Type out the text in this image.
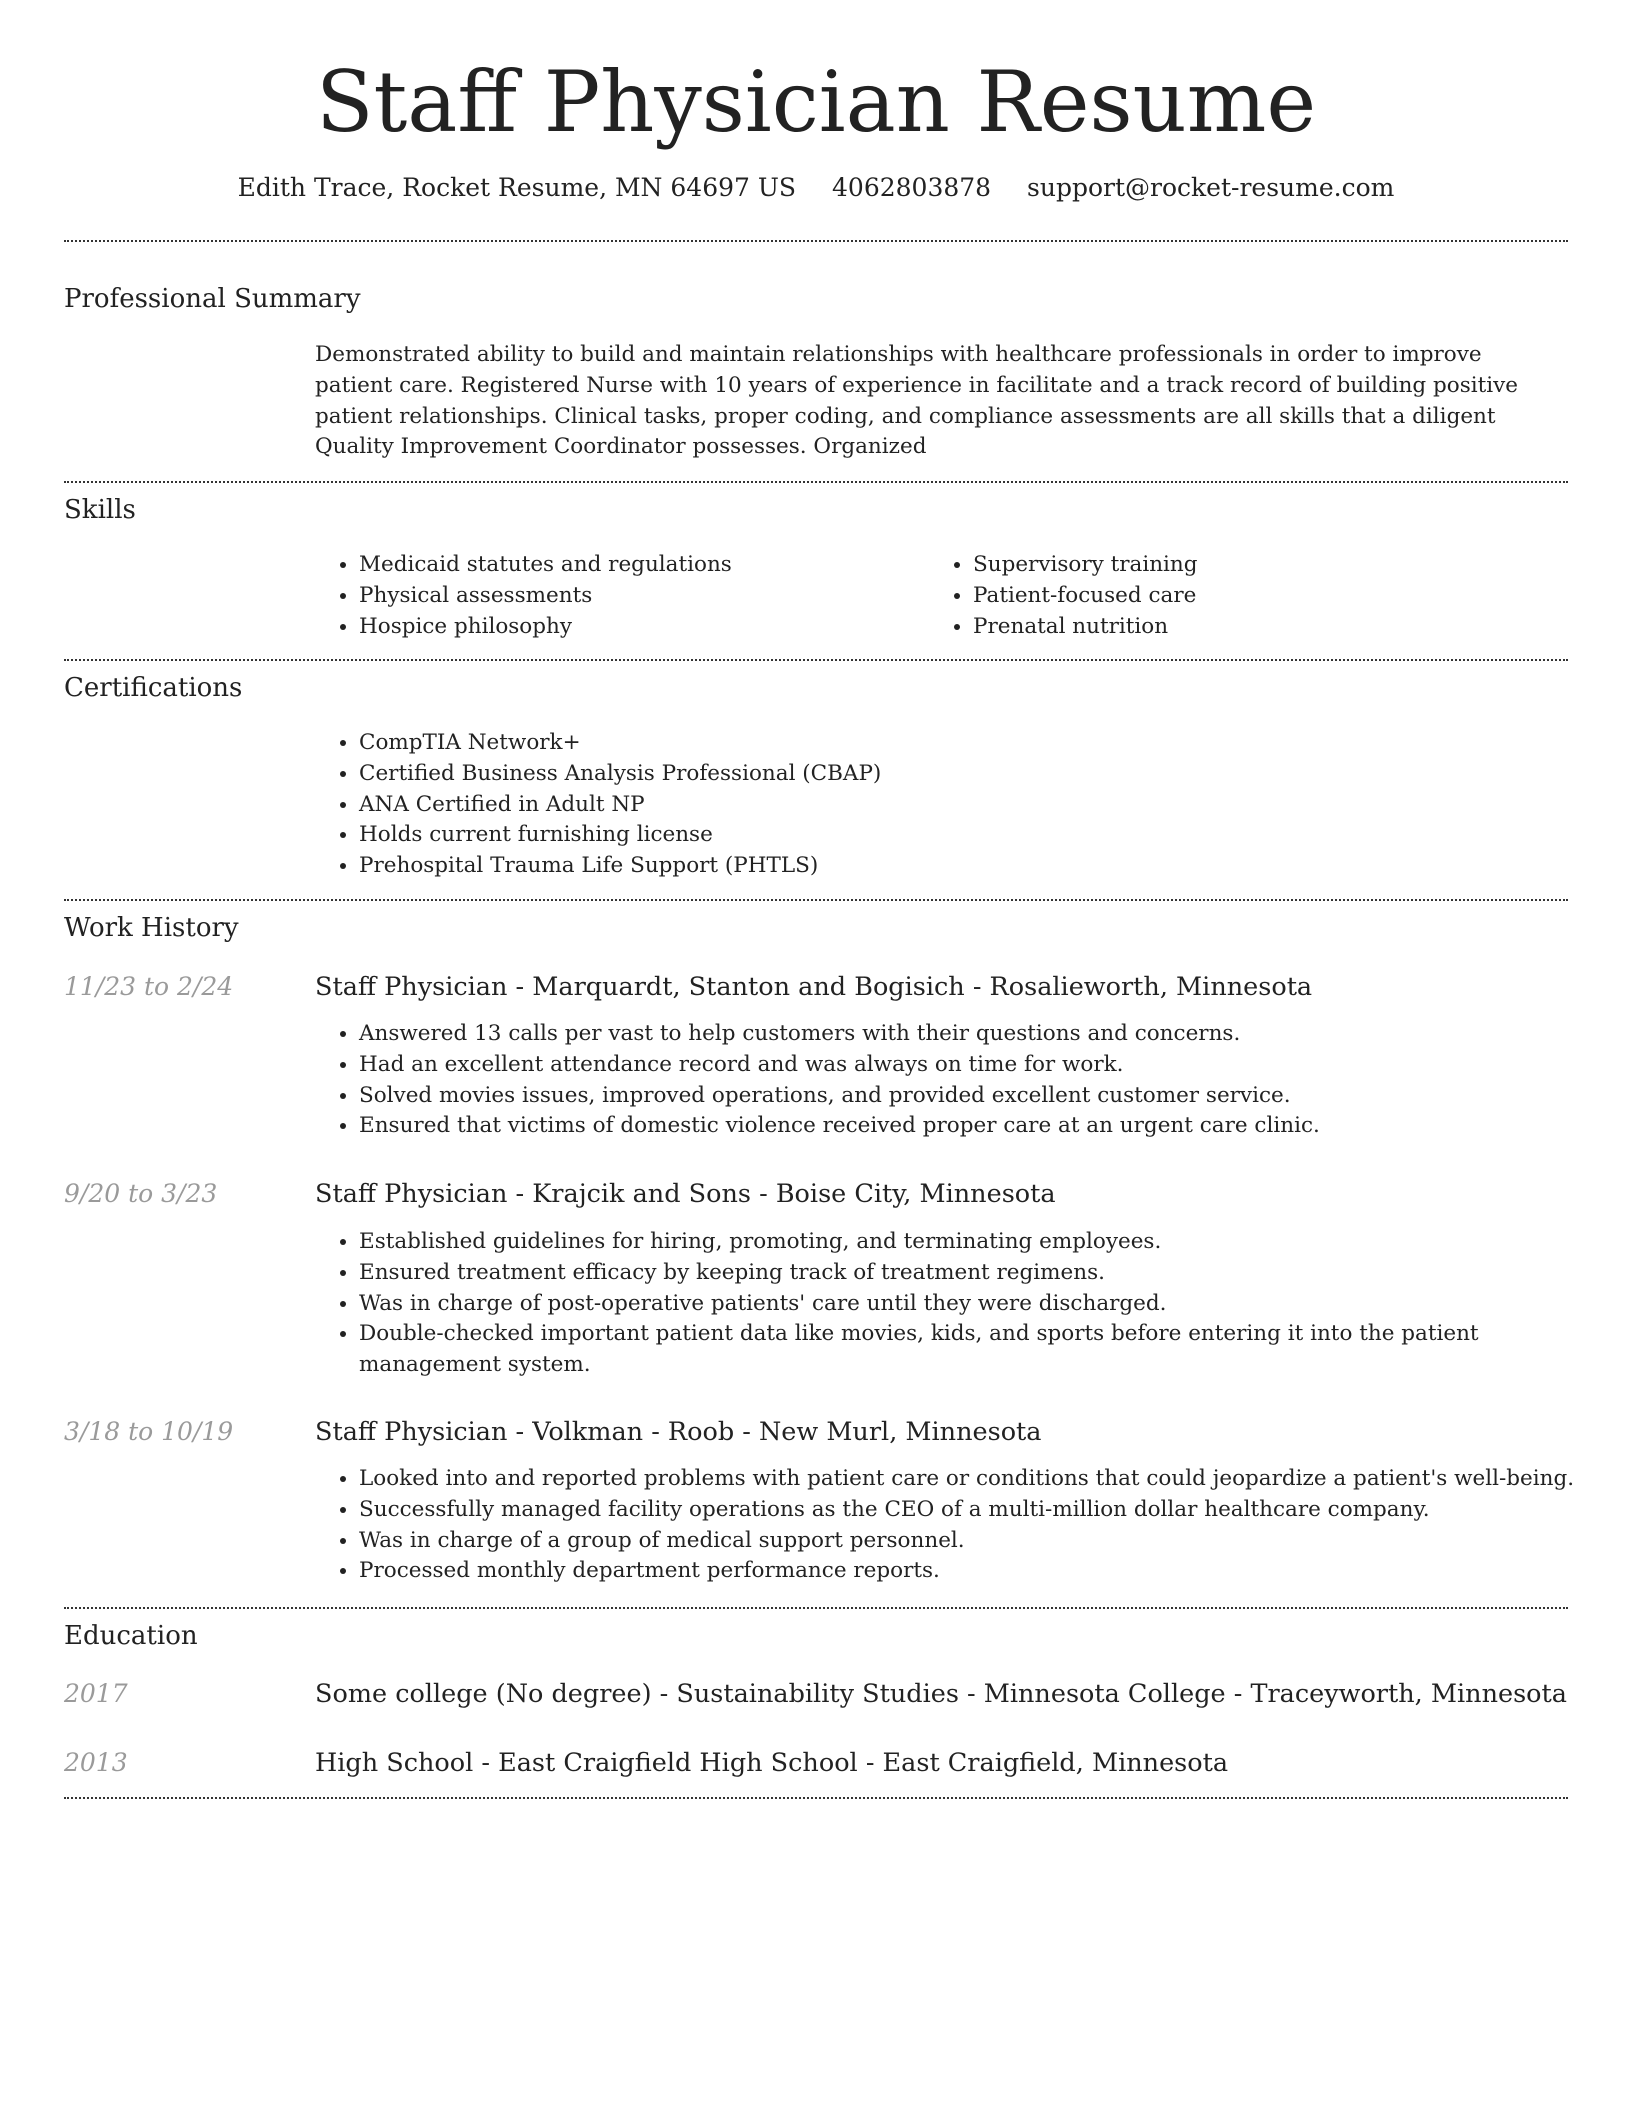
Staff Physician Resume
Edith Trace, Rocket Resume, MN 64697 US 4062803878 support@rocket-resume.com
Professional Summary

Demonstrated ability to build and maintain relationships with healthcare professionals in order to improve patient care. Registered Nurse with 10 years of experience in facilitate and a track record of building positive patient relationships. Clinical tasks, proper coding, and compliance assessments are all skills that a diligent Quality Improvement Coordinator possesses. Organized

Skills
• Medicaid statutes and regulations
• Physical assessments
• Hospice philosophy
• Supervisory training
• Patient-focused care
• Prenatal nutrition
Certifications
• CompTIA Network+
• Certified Business Analysis Professional (CBAP)
• ANA Certified in Adult NP
• Holds current furnishing license
• Prehospital Trauma Life Support (PHTLS)
Work History
11/23 to 2/24	Staff Physician - Marquardt, Stanton and Bogisich - Rosalieworth, Minnesota
• Answered 13 calls per vast to help customers with their questions and concerns.
• Had an excellent attendance record and was always on time for work.
• Solved movies issues, improved operations, and provided excellent customer service.
• Ensured that victims of domestic violence received proper care at an urgent care clinic.
9/20 to 3/23	Staff Physician - Krajcik and Sons - Boise City, Minnesota
• Established guidelines for hiring, promoting, and terminating employees.
• Ensured treatment efficacy by keeping track of treatment regimens.
• Was in charge of post-operative patients' care until they were discharged.
• Double-checked important patient data like movies, kids, and sports before entering it into the patient management system.
3/18 to 10/19	Staff Physician - Volkman - Roob - New Murl, Minnesota
• Looked into and reported problems with patient care or conditions that could jeopardize a patient's well-being.
• Successfully managed facility operations as the CEO of a multi-million dollar healthcare company.
• Was in charge of a group of medical support personnel.
• Processed monthly department performance reports.
Education
2017	Some college (No degree) - Sustainability Studies - Minnesota College - Traceyworth, Minnesota
2013	High School - East Craigfield High School - East Craigfield, Minnesota
